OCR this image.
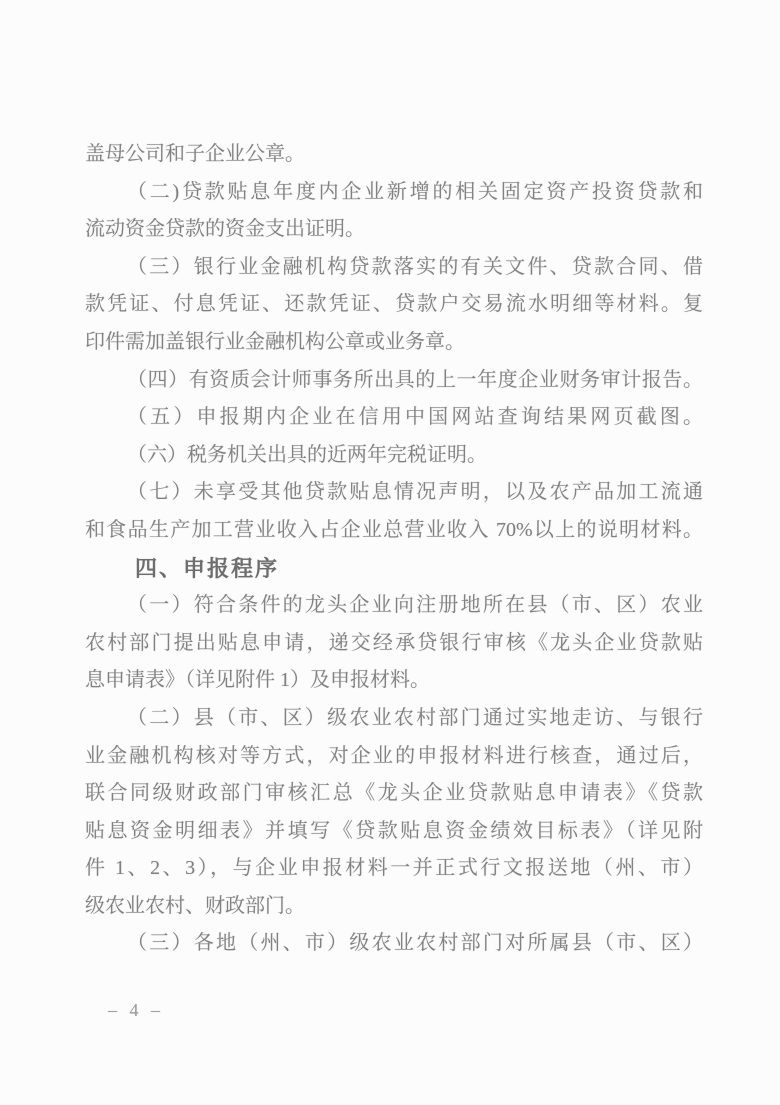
盖母公司和子企业公章。
（二)贷款贴息年度内企业新增的相关固定资产投资贷款和
流动资金贷款的资金支出证明。
（三）银行业金融机构贷款落实的有关文件、贷款合同、借
款凭证、付息凭证、还款凭证、贷款户交易流水明细等材料。复
印件需加盖银行业金融机构公章或业务章。
（四）有资质会计师事务所出具的上一年度企业财务审计报告。
（五）申报期内企业在信用中国网站查询结果网页截图。
（六）税务机关出具的近两年完税证明。
（七）未享受其他贷款贴息情况声明，以及农产品加工流通
和食品生产加工营业收入占企业总营业收入 70%以上的说明材料。
四、申报程序
（一）符合条件的龙头企业向注册地所在县（市、区）农业
农村部门提出贴息申请，递交经承贷银行审核《龙头企业贷款贴
息申请表》（详见附件 1）及申报材料。
（二）县（市、区）级农业农村部门通过实地走访、与银行
业金融机构核对等方式，对企业的申报材料进行核查，通过后，
联合同级财政部门审核汇总《龙头企业贷款贴息申请表》《贷款
贴息资金明细表》并填写《贷款贴息资金绩效目标表》（详见附
件 1、2、3），与企业申报材料一并正式行文报送地（州、市）
级农业农村、财政部门。
（三）各地（州、市）级农业农村部门对所属县（市、区）
– 4 –
